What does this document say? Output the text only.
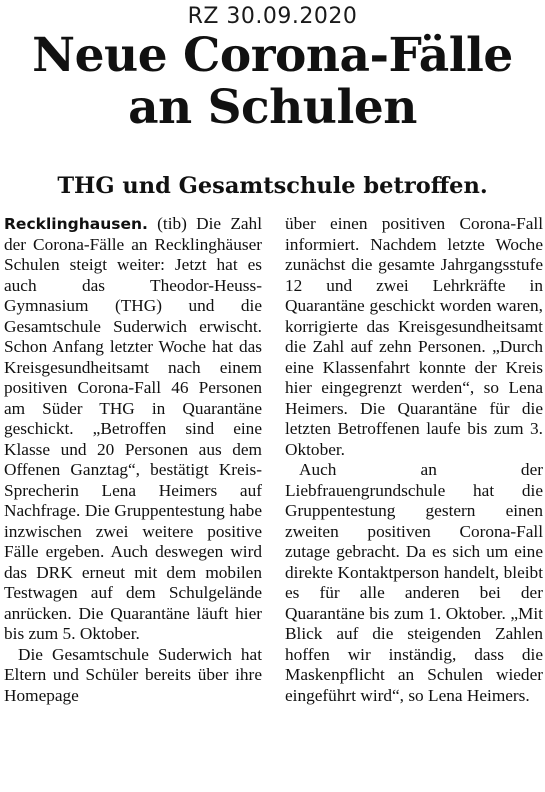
RZ 30.09.2020
Neue Corona-Fälle
an Schulen
THG und Gesamtschule betroffen.

Recklinghausen. (tib) Die Zahl der Corona-Fälle an Recklinghäuser Schulen steigt weiter: Jetzt hat es auch das Theodor-Heuss-Gymnasium (THG) und die Gesamtschule Suderwich erwischt. Schon Anfang letzter Woche hat das Kreisgesundheitsamt nach einem positiven Corona-Fall 46 Personen am Süder THG in Quarantäne geschickt. „Betroffen sind eine Klasse und 20 Personen aus dem Offenen Ganztag“, bestätigt Kreis-Sprecherin Lena Heimers auf Nachfrage. Die Gruppentestung habe inzwischen zwei weitere positive Fälle ergeben. Auch deswegen wird das DRK erneut mit dem mobilen Testwagen auf dem Schulgelände anrücken. Die Quarantäne läuft hier bis zum 5. Oktober.

Die Gesamtschule Suderwich hat Eltern und Schüler bereits über ihre Homepage

über einen positiven Corona-Fall informiert. Nachdem letzte Woche zunächst die gesamte Jahrgangsstufe 12 und zwei Lehrkräfte in Quarantäne geschickt worden waren, korrigierte das Kreisgesundheitsamt die Zahl auf zehn Personen. „Durch eine Klassenfahrt konnte der Kreis hier eingegrenzt werden“, so Lena Heimers. Die Quarantäne für die letzten Betroffenen laufe bis zum 3. Oktober.

Auch an der Liebfrauengrundschule hat die Gruppentestung gestern einen zweiten positiven Corona-Fall zutage gebracht. Da es sich um eine direkte Kontaktperson handelt, bleibt es für alle anderen bei der Quarantäne bis zum 1. Oktober. „Mit Blick auf die steigenden Zahlen hoffen wir inständig, dass die Maskenpflicht an Schulen wieder eingeführt wird“, so Lena Heimers.
